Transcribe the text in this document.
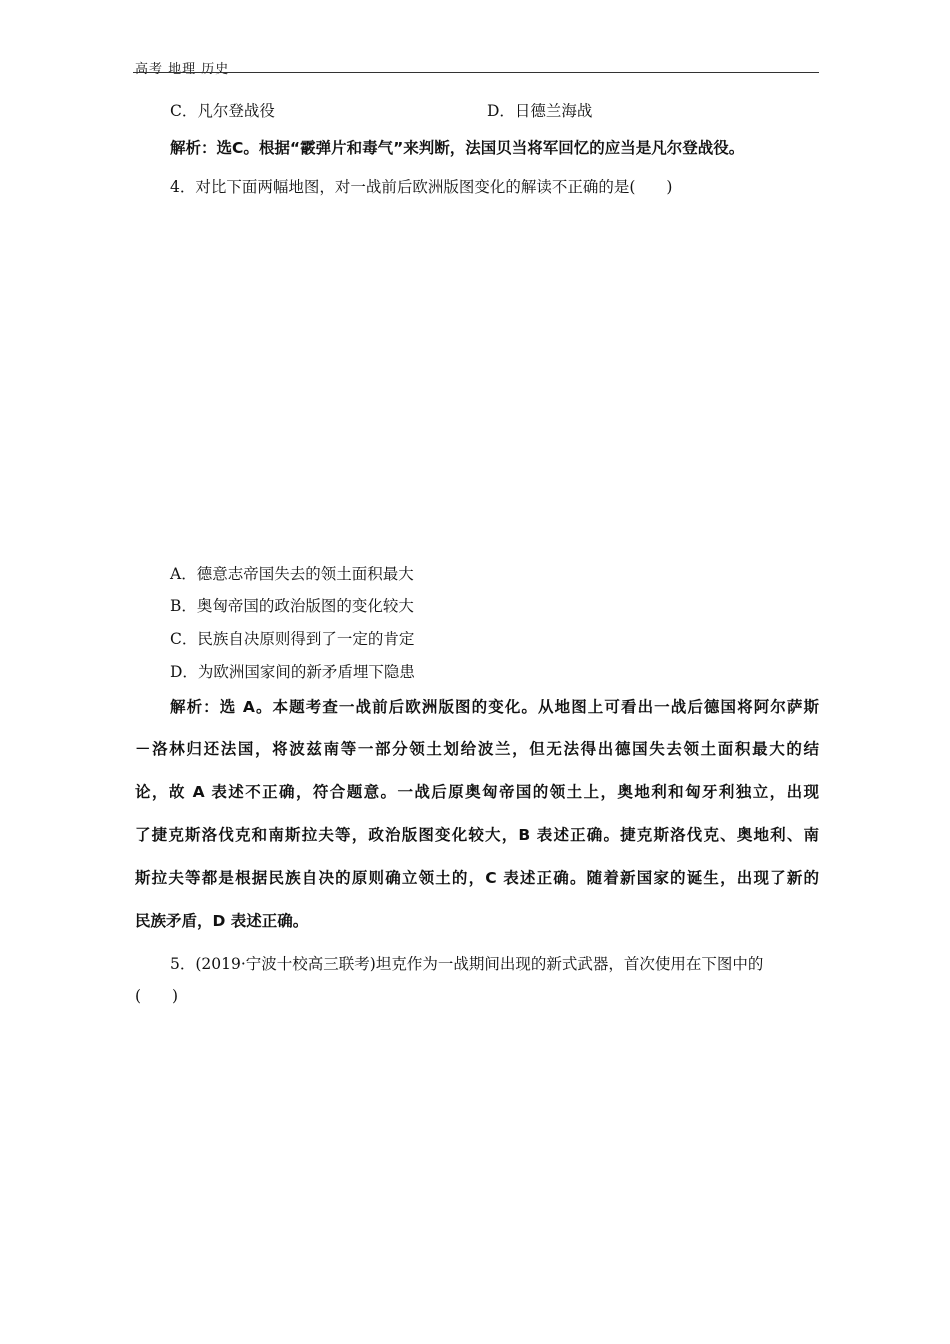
高考 地理 历史
C．凡尔登战役	D．日德兰海战
解析：选C。根据“霰弹片和毒气”来判断，法国贝当将军回忆的应当是凡尔登战役。
4．对比下面两幅地图，对一战前后欧洲版图变化的解读不正确的是(　　)
A．德意志帝国失去的领土面积最大
B．奥匈帝国的政治版图的变化较大
C．民族自决原则得到了一定的肯定
D．为欧洲国家间的新矛盾埋下隐患
解析：选 A。本题考查一战前后欧洲版图的变化。从地图上可看出一战后德国将阿尔萨斯
－洛林归还法国，将波兹南等一部分领土划给波兰，但无法得出德国失去领土面积最大的结
论，故 A 表述不正确，符合题意。一战后原奥匈帝国的领土上，奥地利和匈牙利独立，出现
了捷克斯洛伐克和南斯拉夫等，政治版图变化较大，B 表述正确。捷克斯洛伐克、奥地利、南
斯拉夫等都是根据民族自决的原则确立领土的，C 表述正确。随着新国家的诞生，出现了新的
民族矛盾，D 表述正确。
5．(2019·宁波十校高三联考)坦克作为一战期间出现的新式武器，首次使用在下图中的
(　　)
